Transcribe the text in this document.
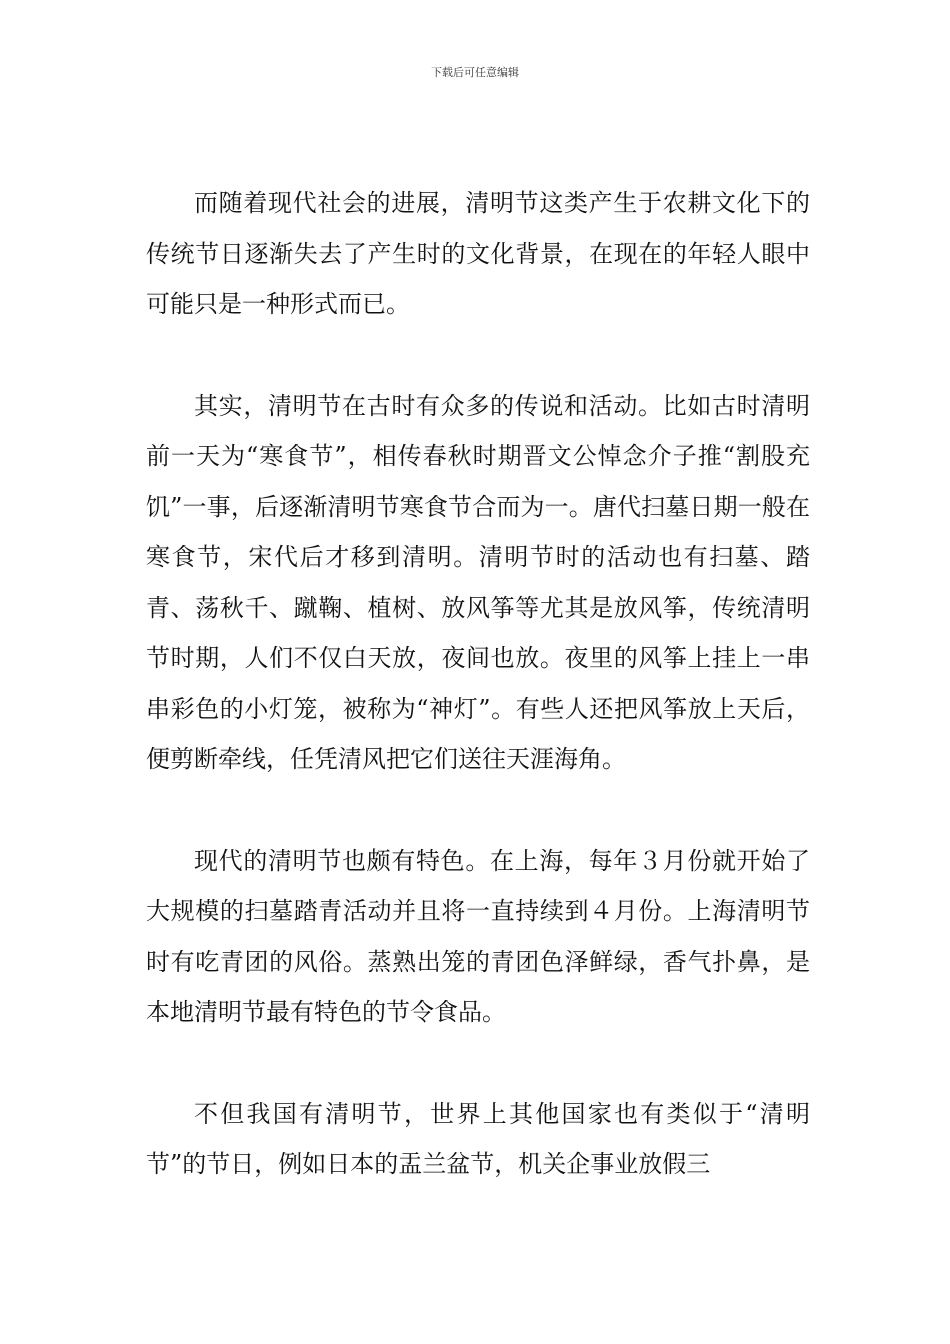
下载后可任意编辑

而随着现代社会的进展，清明节这类产生于农耕文化下的传统节日逐渐失去了产生时的文化背景，在现在的年轻人眼中可能只是一种形式而已。

其实，清明节在古时有众多的传说和活动。比如古时清明前一天为“寒食节”，相传春秋时期晋文公悼念介子推“割股充饥”一事，后逐渐清明节寒食节合而为一。唐代扫墓日期一般在寒食节，宋代后才移到清明。清明节时的活动也有扫墓、踏青、荡秋千、蹴鞠、植树、放风筝等尤其是放风筝，传统清明节时期，人们不仅白天放，夜间也放。夜里的风筝上挂上一串串彩色的小灯笼，被称为“神灯”。有些人还把风筝放上天后，便剪断牵线，任凭清风把它们送往天涯海角。

现代的清明节也颇有特色。在上海，每年３月份就开始了大规模的扫墓踏青活动并且将一直持续到４月份。上海清明节时有吃青团的风俗。蒸熟出笼的青团色泽鲜绿，香气扑鼻，是本地清明节最有特色的节令食品。

不但我国有清明节，世界上其他国家也有类似于“清明节”的节日，例如日本的盂兰盆节，机关企事业放假三
